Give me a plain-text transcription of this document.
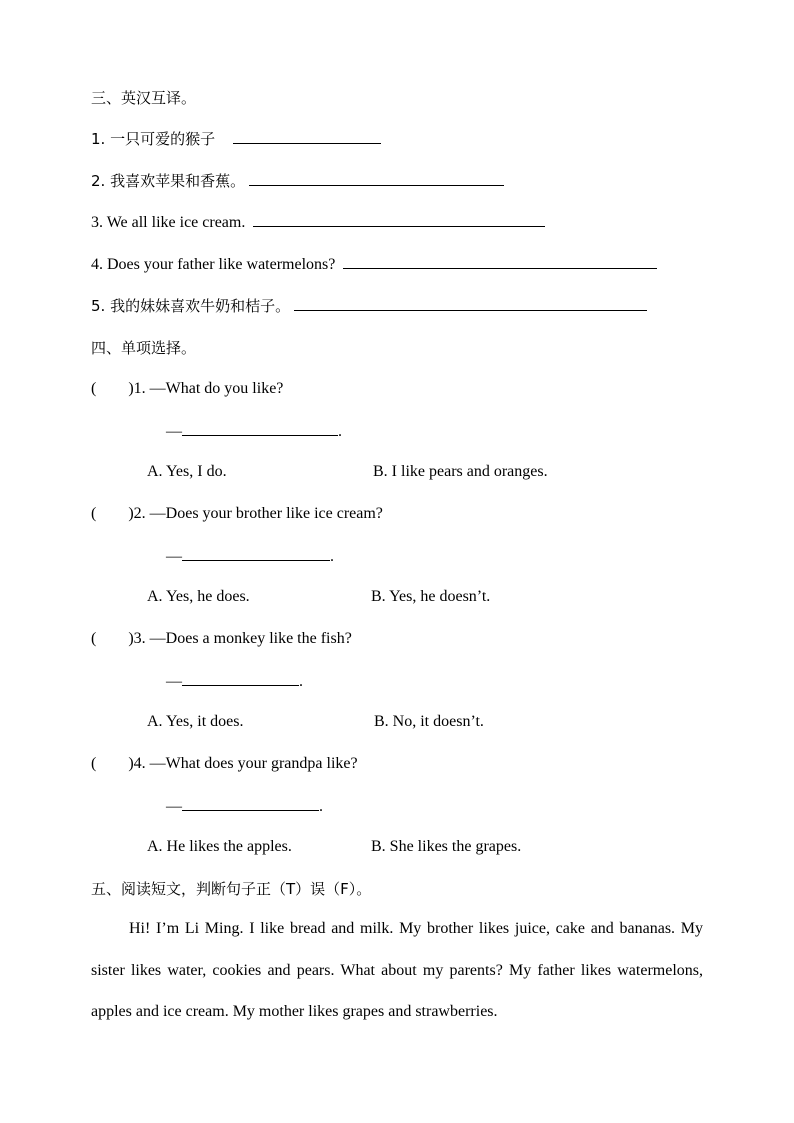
三、英汉互译。
1. 一只可爱的猴子
2. 我喜欢苹果和香蕉。
3. We all like ice cream.
4. Does your father like watermelons?
5. 我的妹妹喜欢牛奶和桔子。
四、单项选择。
(        )1. —What do you like?
—	.
A. Yes, I do.	B. I like pears and oranges.
(        )2. —Does your brother like ice cream?
—	.
A. Yes, he does.	B. Yes, he doesn’t.
(        )3. —Does a monkey like the fish?
—	.
A. Yes, it does.	B. No, it doesn’t.
(        )4. —What does your grandpa like?
—	.
A. He likes the apples.	B. She likes the grapes.
五、阅读短文，判断句子正（T）误（F）。
Hi! I’m Li Ming. I like bread and milk. My brother likes juice, cake and bananas. My sister likes water, cookies and pears. What about my parents? My father likes watermelons, apples and ice cream. My mother likes grapes and strawberries.
